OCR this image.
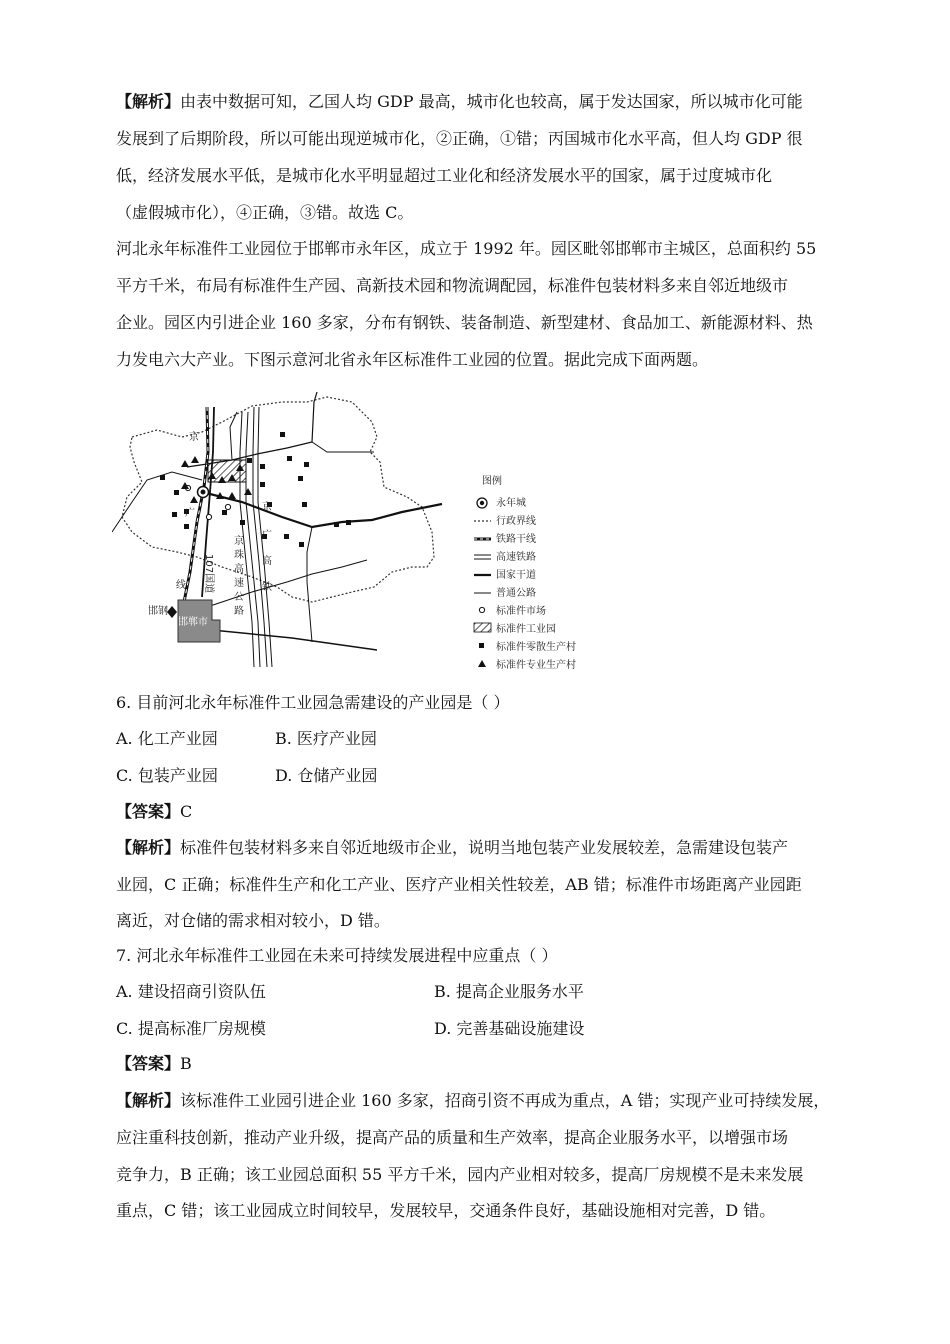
【解析】由表中数据可知，乙国人均 GDP 最高，城市化也较高，属于发达国家，所以城市化可能
发展到了后期阶段，所以可能出现逆城市化，②正确，①错；丙国城市化水平高，但人均 GDP 很
低，经济发展水平低，是城市化水平明显超过工业化和经济发展水平的国家，属于过度城市化
（虚假城市化），④正确，③错。故选 C。
河北永年标准件工业园位于邯郸市永年区，成立于 1992 年。园区毗邻邯郸市主城区，总面积约 55
平方千米，布局有标准件生产园、高新技术园和物流调配园，标准件包装材料多来自邻近地级市
企业。园区内引进企业 160 多家，分布有钢铁、装备制造、新型建材、食品加工、新能源材料、热
力发电六大产业。下图示意河北省永年区标准件工业园的位置。据此完成下面两题。
京
广
线 107国道
京
珠
高
速
公
路
京
广
高
铁
邯钢
邯郸市
图例
永年城
行政界线
铁路干线
高速铁路
国家干道
普通公路
标准件市场
标准件工业园
标准件零散生产村
标准件专业生产村
6. 目前河北永年标准件工业园急需建设的产业园是（ ）
A. 化工产业园	B. 医疗产业园
C. 包装产业园	D. 仓储产业园
【答案】C
【解析】标准件包装材料多来自邻近地级市企业，说明当地包装产业发展较差，急需建设包装产
业园，C 正确；标准件生产和化工产业、医疗产业相关性较差，AB 错；标准件市场距离产业园距
离近，对仓储的需求相对较小，D 错。
7. 河北永年标准件工业园在未来可持续发展进程中应重点（ ）
A. 建设招商引资队伍	B. 提高企业服务水平
C. 提高标准厂房规模	D. 完善基础设施建设
【答案】B
【解析】该标准件工业园引进企业 160 多家，招商引资不再成为重点，A 错；实现产业可持续发展，
应注重科技创新，推动产业升级，提高产品的质量和生产效率，提高企业服务水平，以增强市场
竞争力，B 正确；该工业园总面积 55 平方千米，园内产业相对较多，提高厂房规模不是未来发展
重点，C 错；该工业园成立时间较早，发展较早，交通条件良好，基础设施相对完善，D 错。
